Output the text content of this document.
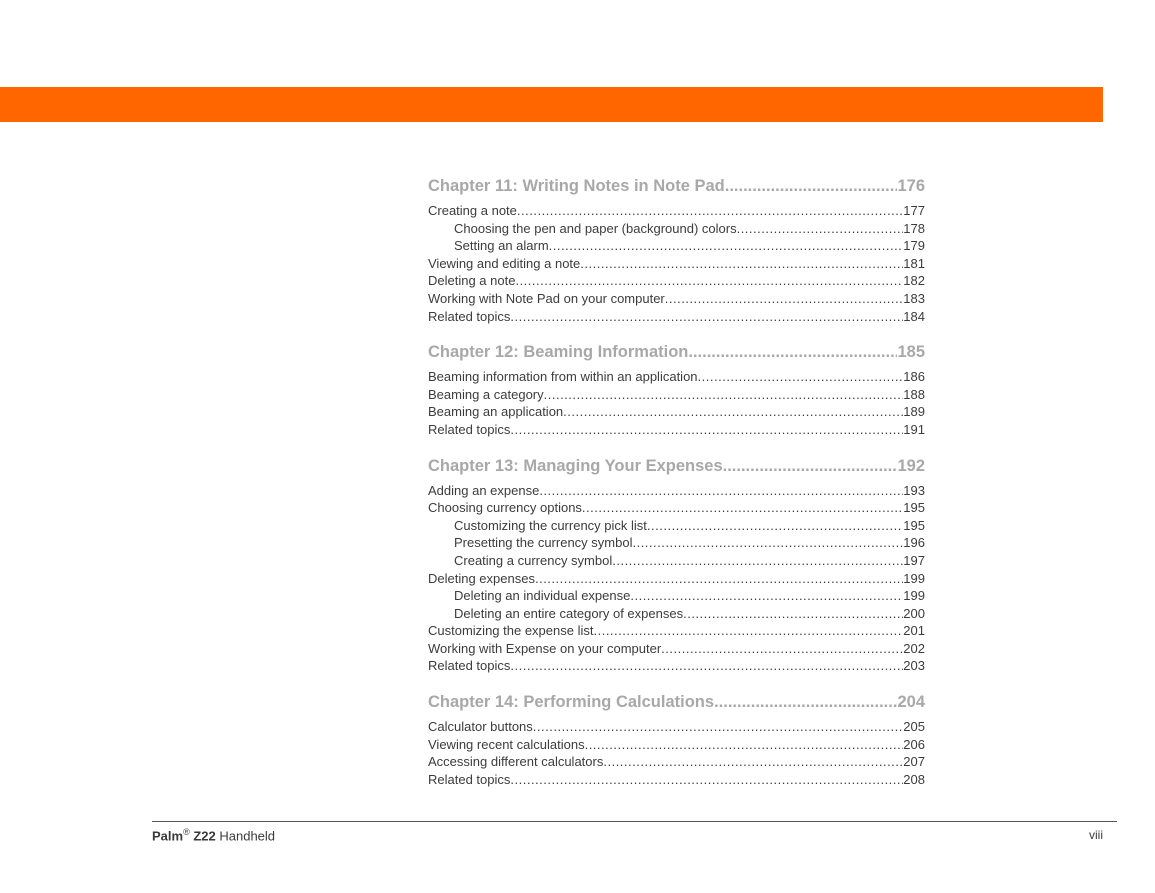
Chapter 11: Writing Notes in Note Pad .....	176
Creating a note .....	177
Choosing the pen and paper (background) colors .....	178
Setting an alarm .....	179
Viewing and editing a note .....	181
Deleting a note .....	182
Working with Note Pad on your computer .....	183
Related topics .....	184
Chapter 12: Beaming Information .....	185
Beaming information from within an application .....	186
Beaming a category .....	188
Beaming an application .....	189
Related topics .....	191
Chapter 13: Managing Your Expenses .....	192
Adding an expense .....	193
Choosing currency options .....	195
Customizing the currency pick list .....	195
Presetting the currency symbol .....	196
Creating a currency symbol .....	197
Deleting expenses .....	199
Deleting an individual expense .....	199
Deleting an entire category of expenses .....	200
Customizing the expense list .....	201
Working with Expense on your computer .....	202
Related topics .....	203
Chapter 14: Performing Calculations .....	204
Calculator buttons .....	205
Viewing recent calculations .....	206
Accessing different calculators .....	207
Related topics .....	208
Palm® Z22 Handheld	viii
